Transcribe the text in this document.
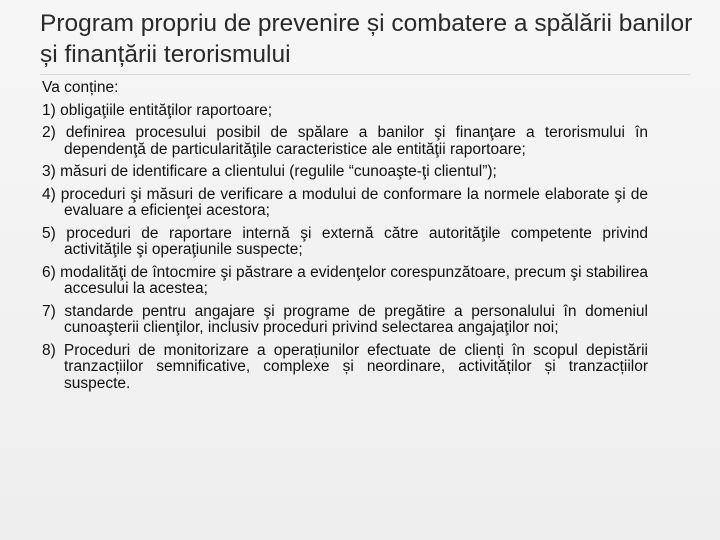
Program propriu de prevenire și combatere a spălării banilor și finanțării terorismului

Va conține:

1) obligaţiile entităţilor raportoare;
2) definirea procesului posibil de spălare a banilor şi finanţare a terorismului în dependenţă de particularităţile caracteristice ale entităţii raportoare;
3) măsuri de identificare a clientului (regulile “cunoaşte-ţi clientul”);
4) proceduri şi măsuri de verificare a modului de conformare la normele elaborate şi de evaluare a eficienţei acestora;
5) proceduri de raportare internă şi externă către autorităţile competente privind activităţile şi operaţiunile suspecte;
6) modalităţi de întocmire şi păstrare a evidenţelor corespunzătoare, precum şi stabilirea accesului la acestea;
7) standarde pentru angajare şi programe de pregătire a personalului în domeniul cunoaşterii clienţilor, inclusiv proceduri privind selectarea angajaţilor noi;
8) Proceduri de monitorizare a operațiunilor efectuate de clienți în scopul depistării tranzacțiilor semnificative, complexe și neordinare, activităților și tranzacțiilor suspecte.
